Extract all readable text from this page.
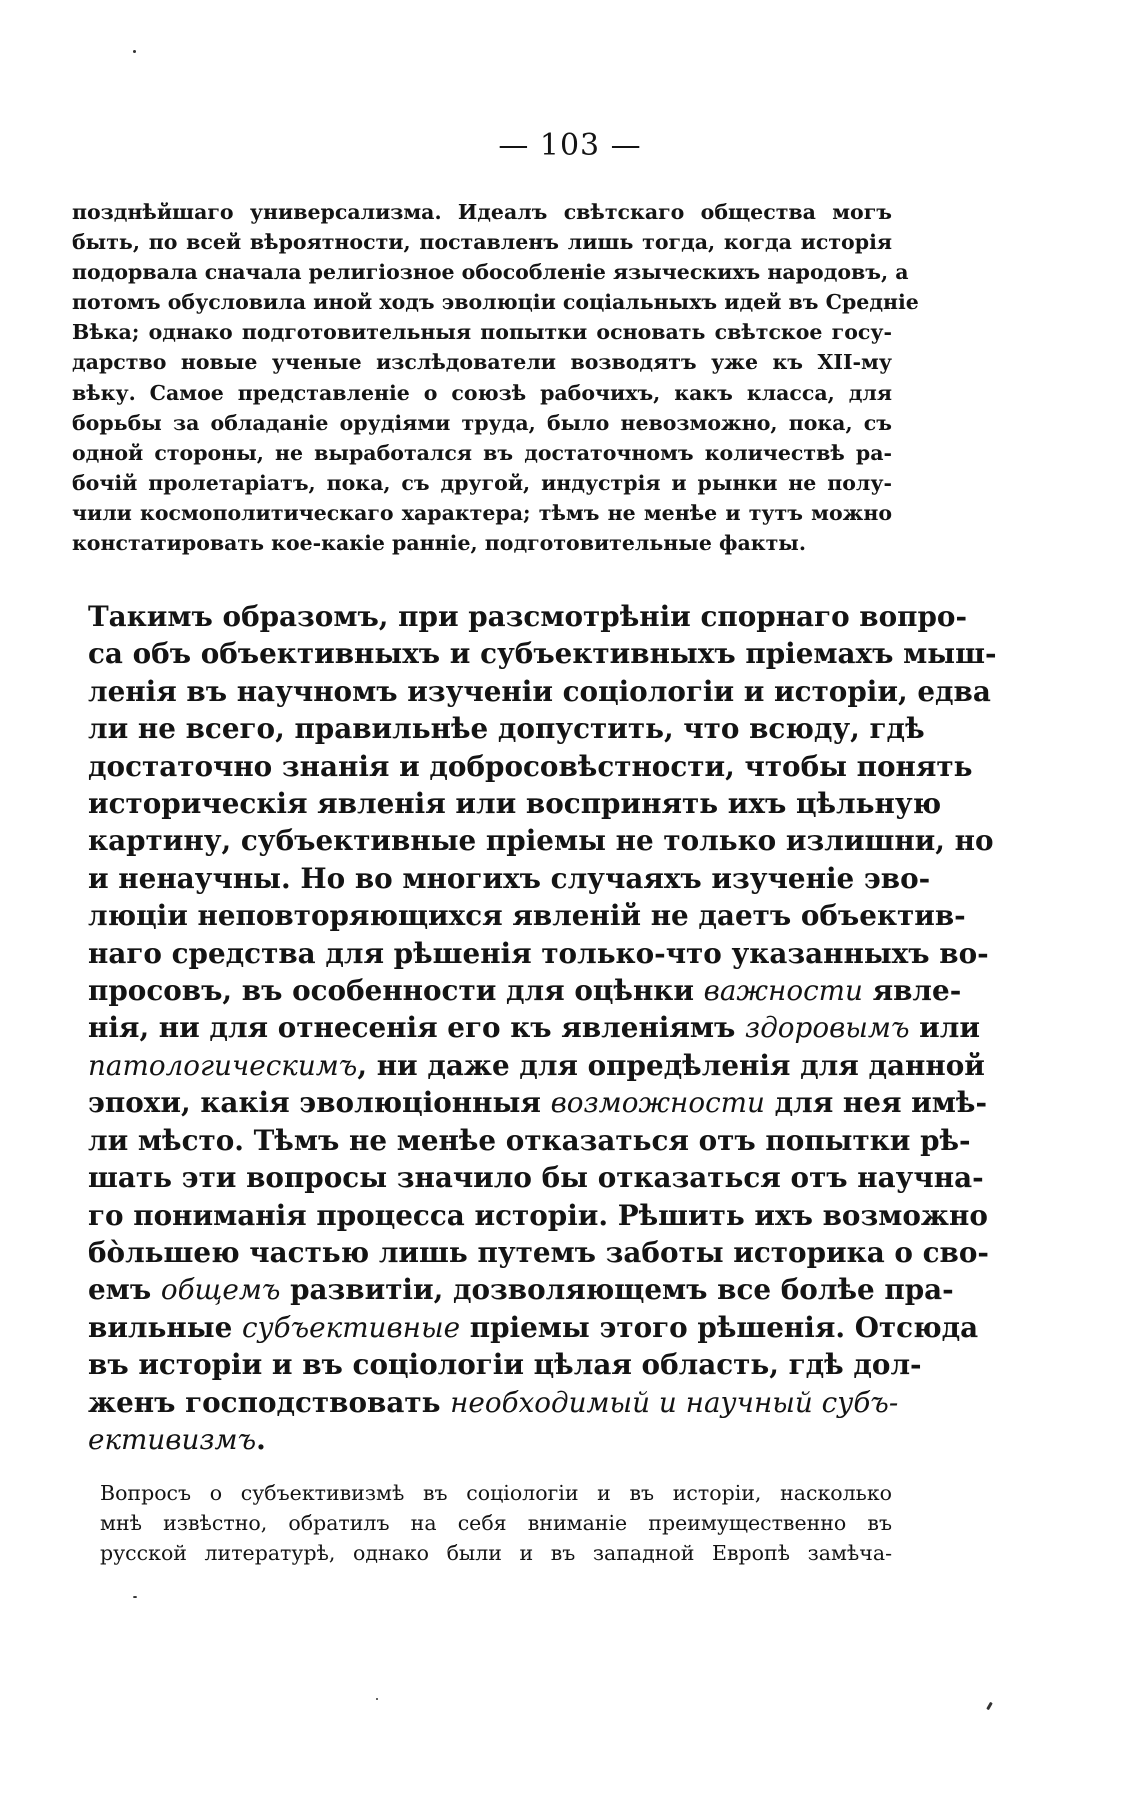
— 103 —
позднѣйшаго универсализма. Идеалъ свѣтскаго общества могъ
быть, по всей вѣроятности, поставленъ лишь тогда, когда исторія
подорвала сначала религіозное обособленіе языческихъ народовъ, а
потомъ обусловила иной ходъ эволюціи соціальныхъ идей въ Средніе
Вѣка; однако подготовительныя попытки основать свѣтское госу-
дарство новые ученые изслѣдователи возводятъ уже къ XII-му
вѣку. Самое представленіе о союзѣ рабочихъ, какъ класса, для
борьбы за обладаніе орудіями труда, было невозможно, пока, съ
одной стороны, не выработался въ достаточномъ количествѣ ра-
бочій пролетаріатъ, пока, съ другой, индустрія и рынки не полу-
чили космополитическаго характера; тѣмъ не менѣе и тутъ можно
констатировать кое-какіе раннiе, подготовительные факты.
Такимъ образомъ, при разсмотрѣніи спорнаго вопро-
са объ объективныхъ и субъективныхъ пріемахъ мыш-
ленія въ научномъ изученіи соціологіи и исторіи, едва
ли не всего, правильнѣе допустить, что всюду, гдѣ
достаточно знанія и добросовѣстности, чтобы понять
историческія явленія или воспринять ихъ цѣльную
картину, субъективные пріемы не только излишни, но
и ненаучны. Но во многихъ случаяхъ изученіе эво-
люціи неповторяющихся явленій не даетъ объектив-
наго средства для рѣшенія только-что указанныхъ во-
просовъ, въ особенности для оцѣнки важности явле-
нія, ни для отнесенія его къ явленіямъ здоровымъ или
патологическимъ, ни даже для опредѣленія для данной
эпохи, какія эволюціонныя возможности для нея имѣ-
ли мѣсто. Тѣмъ не менѣе отказаться отъ попытки рѣ-
шать эти вопросы значило бы отказаться отъ научна-
го пониманія процесса исторіи. Рѣшить ихъ возможно
бòльшею частью лишь путемъ заботы историка о сво-
емъ общемъ развитіи, дозволяющемъ все болѣе пра-
вильные субъективные пріемы этого рѣшенія. Отсюда
въ исторіи и въ соціологіи цѣлая область, гдѣ дол-
женъ господствовать необходимый и научный субъ-
ективизмъ.
Вопросъ о субъективизмѣ въ соціологіи и въ исторіи, насколько
мнѣ извѣстно, обратилъ на себя вниманіе преимущественно въ
русской литературѣ, однако были и въ западной Европѣ замѣча-
